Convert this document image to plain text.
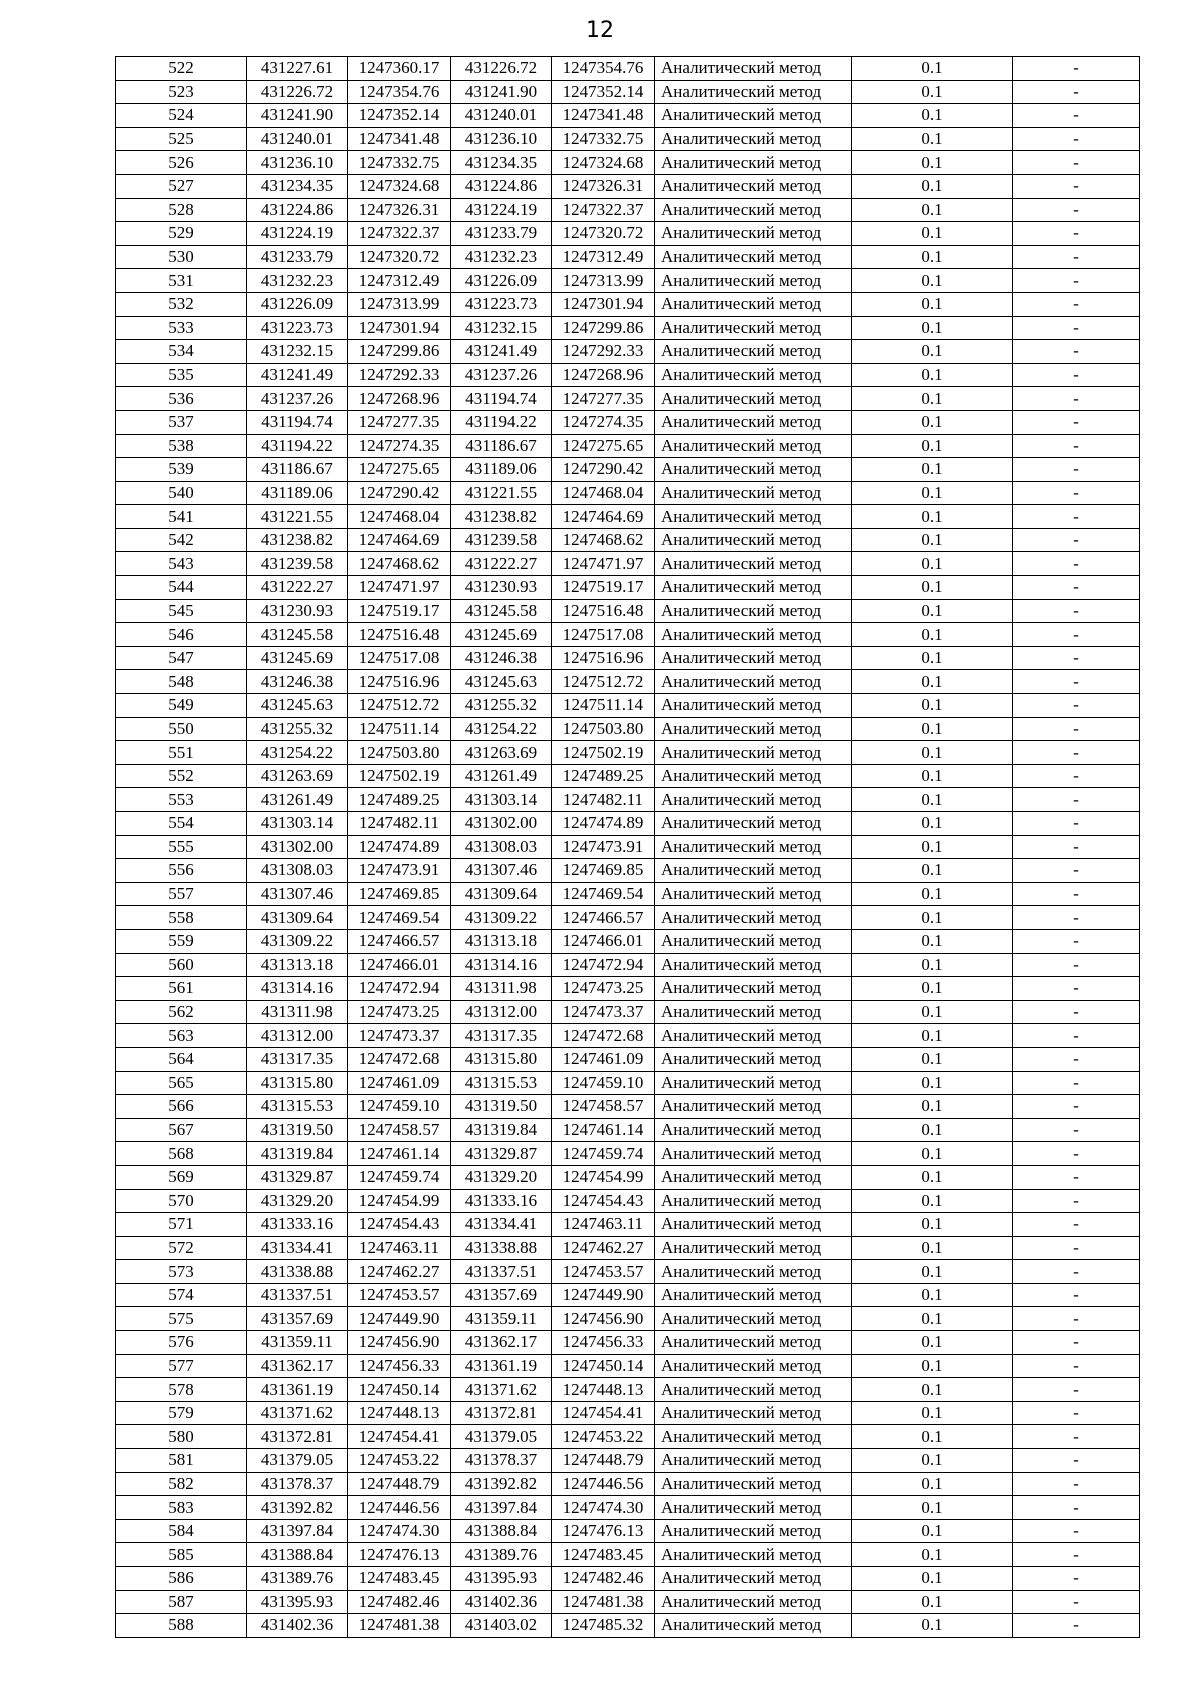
12
522	431227.61	1247360.17	431226.72	1247354.76	Аналитический метод	0.1	-
523	431226.72	1247354.76	431241.90	1247352.14	Аналитический метод	0.1	-
524	431241.90	1247352.14	431240.01	1247341.48	Аналитический метод	0.1	-
525	431240.01	1247341.48	431236.10	1247332.75	Аналитический метод	0.1	-
526	431236.10	1247332.75	431234.35	1247324.68	Аналитический метод	0.1	-
527	431234.35	1247324.68	431224.86	1247326.31	Аналитический метод	0.1	-
528	431224.86	1247326.31	431224.19	1247322.37	Аналитический метод	0.1	-
529	431224.19	1247322.37	431233.79	1247320.72	Аналитический метод	0.1	-
530	431233.79	1247320.72	431232.23	1247312.49	Аналитический метод	0.1	-
531	431232.23	1247312.49	431226.09	1247313.99	Аналитический метод	0.1	-
532	431226.09	1247313.99	431223.73	1247301.94	Аналитический метод	0.1	-
533	431223.73	1247301.94	431232.15	1247299.86	Аналитический метод	0.1	-
534	431232.15	1247299.86	431241.49	1247292.33	Аналитический метод	0.1	-
535	431241.49	1247292.33	431237.26	1247268.96	Аналитический метод	0.1	-
536	431237.26	1247268.96	431194.74	1247277.35	Аналитический метод	0.1	-
537	431194.74	1247277.35	431194.22	1247274.35	Аналитический метод	0.1	-
538	431194.22	1247274.35	431186.67	1247275.65	Аналитический метод	0.1	-
539	431186.67	1247275.65	431189.06	1247290.42	Аналитический метод	0.1	-
540	431189.06	1247290.42	431221.55	1247468.04	Аналитический метод	0.1	-
541	431221.55	1247468.04	431238.82	1247464.69	Аналитический метод	0.1	-
542	431238.82	1247464.69	431239.58	1247468.62	Аналитический метод	0.1	-
543	431239.58	1247468.62	431222.27	1247471.97	Аналитический метод	0.1	-
544	431222.27	1247471.97	431230.93	1247519.17	Аналитический метод	0.1	-
545	431230.93	1247519.17	431245.58	1247516.48	Аналитический метод	0.1	-
546	431245.58	1247516.48	431245.69	1247517.08	Аналитический метод	0.1	-
547	431245.69	1247517.08	431246.38	1247516.96	Аналитический метод	0.1	-
548	431246.38	1247516.96	431245.63	1247512.72	Аналитический метод	0.1	-
549	431245.63	1247512.72	431255.32	1247511.14	Аналитический метод	0.1	-
550	431255.32	1247511.14	431254.22	1247503.80	Аналитический метод	0.1	-
551	431254.22	1247503.80	431263.69	1247502.19	Аналитический метод	0.1	-
552	431263.69	1247502.19	431261.49	1247489.25	Аналитический метод	0.1	-
553	431261.49	1247489.25	431303.14	1247482.11	Аналитический метод	0.1	-
554	431303.14	1247482.11	431302.00	1247474.89	Аналитический метод	0.1	-
555	431302.00	1247474.89	431308.03	1247473.91	Аналитический метод	0.1	-
556	431308.03	1247473.91	431307.46	1247469.85	Аналитический метод	0.1	-
557	431307.46	1247469.85	431309.64	1247469.54	Аналитический метод	0.1	-
558	431309.64	1247469.54	431309.22	1247466.57	Аналитический метод	0.1	-
559	431309.22	1247466.57	431313.18	1247466.01	Аналитический метод	0.1	-
560	431313.18	1247466.01	431314.16	1247472.94	Аналитический метод	0.1	-
561	431314.16	1247472.94	431311.98	1247473.25	Аналитический метод	0.1	-
562	431311.98	1247473.25	431312.00	1247473.37	Аналитический метод	0.1	-
563	431312.00	1247473.37	431317.35	1247472.68	Аналитический метод	0.1	-
564	431317.35	1247472.68	431315.80	1247461.09	Аналитический метод	0.1	-
565	431315.80	1247461.09	431315.53	1247459.10	Аналитический метод	0.1	-
566	431315.53	1247459.10	431319.50	1247458.57	Аналитический метод	0.1	-
567	431319.50	1247458.57	431319.84	1247461.14	Аналитический метод	0.1	-
568	431319.84	1247461.14	431329.87	1247459.74	Аналитический метод	0.1	-
569	431329.87	1247459.74	431329.20	1247454.99	Аналитический метод	0.1	-
570	431329.20	1247454.99	431333.16	1247454.43	Аналитический метод	0.1	-
571	431333.16	1247454.43	431334.41	1247463.11	Аналитический метод	0.1	-
572	431334.41	1247463.11	431338.88	1247462.27	Аналитический метод	0.1	-
573	431338.88	1247462.27	431337.51	1247453.57	Аналитический метод	0.1	-
574	431337.51	1247453.57	431357.69	1247449.90	Аналитический метод	0.1	-
575	431357.69	1247449.90	431359.11	1247456.90	Аналитический метод	0.1	-
576	431359.11	1247456.90	431362.17	1247456.33	Аналитический метод	0.1	-
577	431362.17	1247456.33	431361.19	1247450.14	Аналитический метод	0.1	-
578	431361.19	1247450.14	431371.62	1247448.13	Аналитический метод	0.1	-
579	431371.62	1247448.13	431372.81	1247454.41	Аналитический метод	0.1	-
580	431372.81	1247454.41	431379.05	1247453.22	Аналитический метод	0.1	-
581	431379.05	1247453.22	431378.37	1247448.79	Аналитический метод	0.1	-
582	431378.37	1247448.79	431392.82	1247446.56	Аналитический метод	0.1	-
583	431392.82	1247446.56	431397.84	1247474.30	Аналитический метод	0.1	-
584	431397.84	1247474.30	431388.84	1247476.13	Аналитический метод	0.1	-
585	431388.84	1247476.13	431389.76	1247483.45	Аналитический метод	0.1	-
586	431389.76	1247483.45	431395.93	1247482.46	Аналитический метод	0.1	-
587	431395.93	1247482.46	431402.36	1247481.38	Аналитический метод	0.1	-
588	431402.36	1247481.38	431403.02	1247485.32	Аналитический метод	0.1	-
